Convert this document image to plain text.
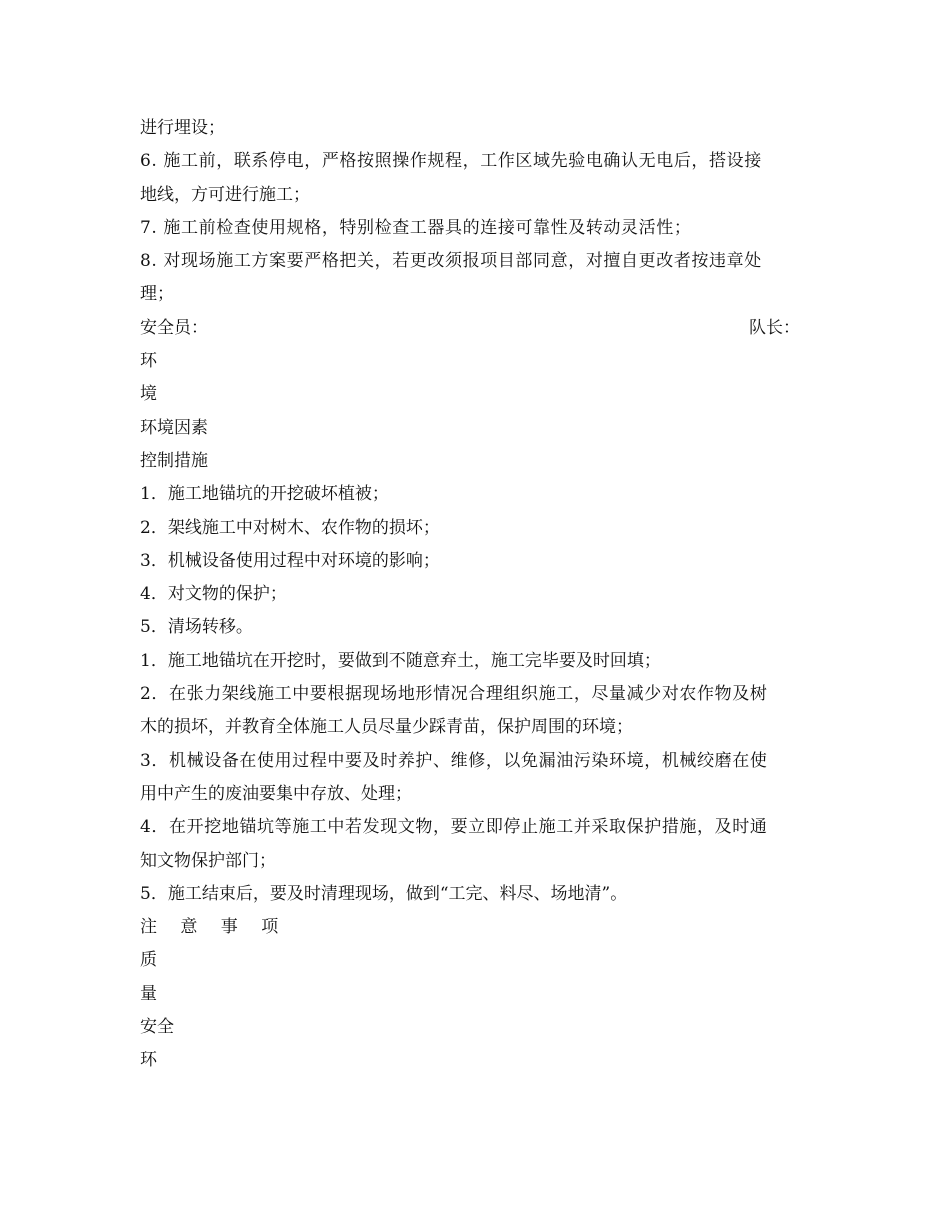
进行埋设；
6. 施工前，联系停电，严格按照操作规程，工作区域先验电确认无电后，搭设接
地线，方可进行施工；
7. 施工前检查使用规格，特别检查工器具的连接可靠性及转动灵活性；
8. 对现场施工方案要严格把关，若更改须报项目部同意，对擅自更改者按违章处
理；
安全员：	队长：
环
境
环境因素
控制措施
1．施工地锚坑的开挖破坏植被；
2．架线施工中对树木、农作物的损坏；
3．机械设备使用过程中对环境的影响；
4．对文物的保护；
5．清场转移。
1．施工地锚坑在开挖时，要做到不随意弃土，施工完毕要及时回填；
2．在张力架线施工中要根据现场地形情况合理组织施工，尽量减少对农作物及树
木的损坏，并教育全体施工人员尽量少踩青苗，保护周围的环境；
3．机械设备在使用过程中要及时养护、维修，以免漏油污染环境，机械绞磨在使
用中产生的废油要集中存放、处理；
4．在开挖地锚坑等施工中若发现文物，要立即停止施工并采取保护措施，及时通
知文物保护部门；
5．施工结束后，要及时清理现场，做到“工完、料尽、场地清”。
注 意 事 项
质
量
安全
环
